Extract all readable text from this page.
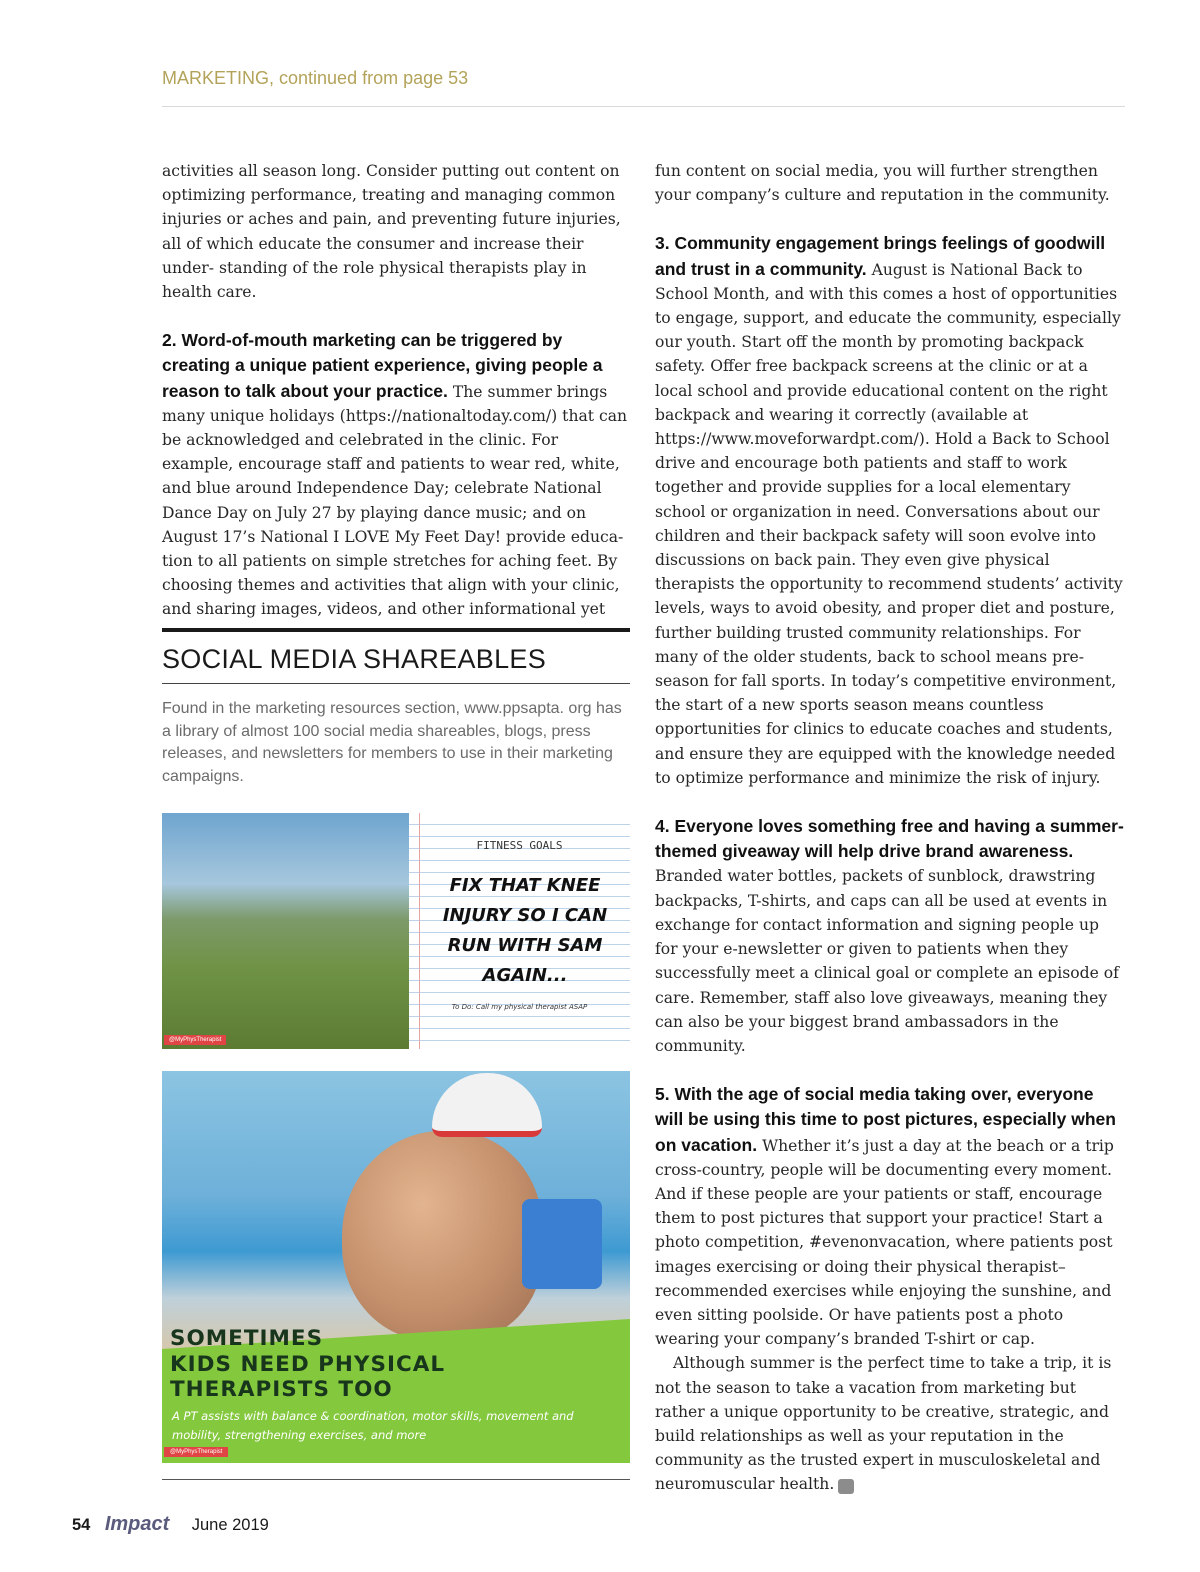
MARKETING, continued from page 53

activities all season long. Consider putting out content on optimizing performance, treating and managing common injuries or aches and pain, and preventing future injuries, all of which educate the consumer and increase their under- standing of the role physical therapists play in health care.

2. Word-of-mouth marketing can be triggered by creating a unique patient experience, giving people a reason to talk about your practice. The summer brings many unique holidays (https://nationaltoday.com/) that can be acknowledged and celebrated in the clinic. For example, encourage staff and patients to wear red, white, and blue around Independence Day; celebrate National Dance Day on July 27 by playing dance music; and on August 17’s National I LOVE My Feet Day! provide educa- tion to all patients on simple stretches for aching feet. By choosing themes and activities that align with your clinic, and sharing images, videos, and other informational yet

SOCIAL MEDIA SHAREABLES
Found in the marketing resources section, www.ppsapta. org has a library of almost 100 social media shareables, blogs, press releases, and newsletters for members to use in their marketing campaigns.
FITNESS GOALS
FIX THAT KNEE INJURY SO I CAN RUN WITH SAM AGAIN...
To Do: Call my physical therapist ASAP
@MyPhysTherapist
SOMETIMES
KIDS NEED PHYSICAL
THERAPISTS TOO
A PT assists with balance & coordination, motor skills, movement and mobility, strengthening exercises, and more
@MyPhysTherapist

fun content on social media, you will further strengthen your company’s culture and reputation in the community.

3. Community engagement brings feelings of goodwill and trust in a community. August is National Back to School Month, and with this comes a host of opportunities to engage, support, and educate the community, especially our youth. Start off the month by promoting backpack safety. Offer free backpack screens at the clinic or at a local school and provide educational content on the right backpack and wearing it correctly (available at https://www.moveforwardpt.com/). Hold a Back to School drive and encourage both patients and staff to work together and provide supplies for a local elementary school or organization in need. Conversations about our children and their backpack safety will soon evolve into discussions on back pain. They even give physical therapists the opportunity to recommend students’ activity levels, ways to avoid obesity, and proper diet and posture, further building trusted community relationships. For many of the older students, back to school means pre-season for fall sports. In today’s competitive environment, the start of a new sports season means countless opportunities for clinics to educate coaches and students, and ensure they are equipped with the knowledge needed to optimize performance and minimize the risk of injury.

4. Everyone loves something free and having a summer-themed giveaway will help drive brand awareness. Branded water bottles, packets of sunblock, drawstring backpacks, T-shirts, and caps can all be used at events in exchange for contact information and signing people up for your e-newsletter or given to patients when they successfully meet a clinical goal or complete an episode of care. Remember, staff also love giveaways, meaning they can also be your biggest brand ambassadors in the community.

5. With the age of social media taking over, everyone will be using this time to post pictures, especially when on vacation. Whether it’s just a day at the beach or a trip cross-country, people will be documenting every moment. And if these people are your patients or staff, encourage them to post pictures that support your practice! Start a photo competition, #evenonvacation, where patients post images exercising or doing their physical therapist– recommended exercises while enjoying the sunshine, and even sitting poolside. Or have patients post a photo wearing your company’s branded T-shirt or cap.

Although summer is the perfect time to take a trip, it is not the season to take a vacation from marketing but rather a unique opportunity to be creative, strategic, and build relationships as well as your reputation in the community as the trusted expert in musculoskeletal and neuromuscular health. I

54 Impact June 2019
